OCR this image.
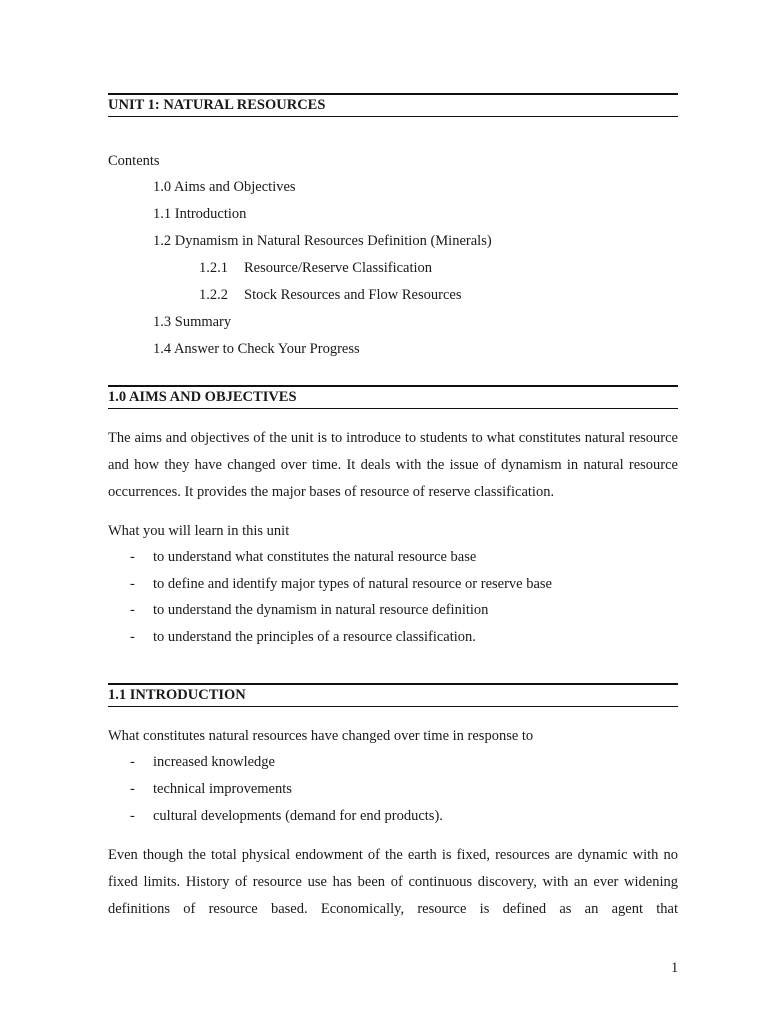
UNIT 1: NATURAL RESOURCES
Contents
1.0 Aims and Objectives
1.1 Introduction
1.2 Dynamism in Natural Resources Definition (Minerals)
1.2.1 Resource/Reserve Classification
1.2.2 Stock Resources and Flow Resources
1.3 Summary
1.4 Answer to Check Your Progress
1.0 AIMS AND OBJECTIVES
The aims and objectives of the unit is to introduce to students to what constitutes natural resource and how they have changed over time. It deals with the issue of dynamism in natural resource occurrences. It provides the major bases of resource of reserve classification.
What you will learn in this unit
- to understand what constitutes the natural resource base
- to define and identify major types of natural resource or reserve base
- to understand the dynamism in natural resource definition
- to understand the principles of a resource classification.
1.1 INTRODUCTION
What constitutes natural resources have changed over time in response to
- increased knowledge
- technical improvements
- cultural developments (demand for end products).
Even though the total physical endowment of the earth is fixed, resources are dynamic with no fixed limits. History of resource use has been of continuous discovery, with an ever widening definitions of resource based. Economically, resource is defined as an agent that
1
